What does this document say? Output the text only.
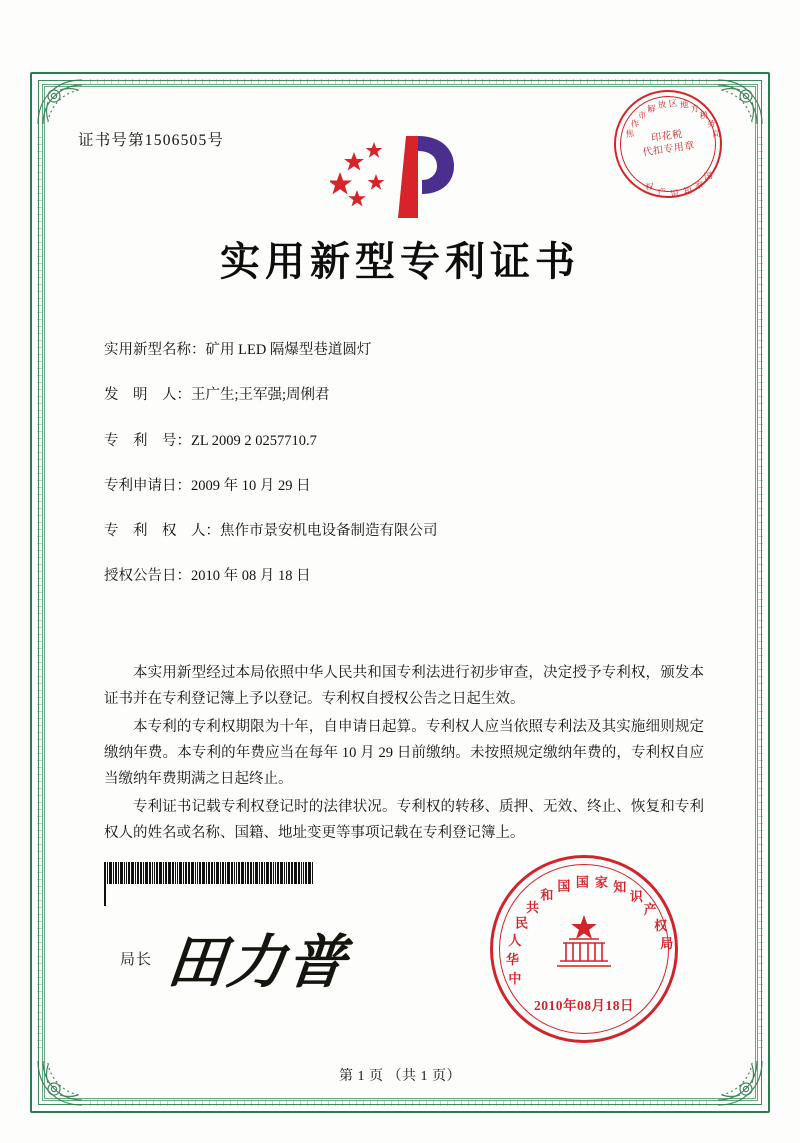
证书号第1506505号	焦
作
市
解 放 区 地 方
税
务
局
印花税
代扣专用章
国
家
知
识
产
权
实用新型专利证书
实用新型名称：矿用 LED 隔爆型巷道圆灯
发　明　人：王广生;王军强;周俐君
专　利　号：ZL 2009 2 0257710.7
专利申请日：2009 年 10 月 29 日
专　利　权　人：焦作市景安机电设备制造有限公司
授权公告日：2010 年 08 月 18 日

本实用新型经过本局依照中华人民共和国专利法进行初步审查，决定授予专利权，颁发本证书并在专利登记簿上予以登记。专利权自授权公告之日起生效。

本专利的专利权期限为十年，自申请日起算。专利权人应当依照专利法及其实施细则规定缴纳年费。本专利的年费应当在每年 10 月 29 日前缴纳。未按照规定缴纳年费的，专利权自应当缴纳年费期满之日起终止。

专利证书记载专利权登记时的法律状况。专利权的转移、质押、无效、终止、恢复和专利权人的姓名或名称、国籍、地址变更等事项记载在专利登记簿上。

局长 田力普	中
华
人
民
共
和
国 国 家 知
识
产
权
局
2010年08月18日
第 1 页 （共 1 页）
